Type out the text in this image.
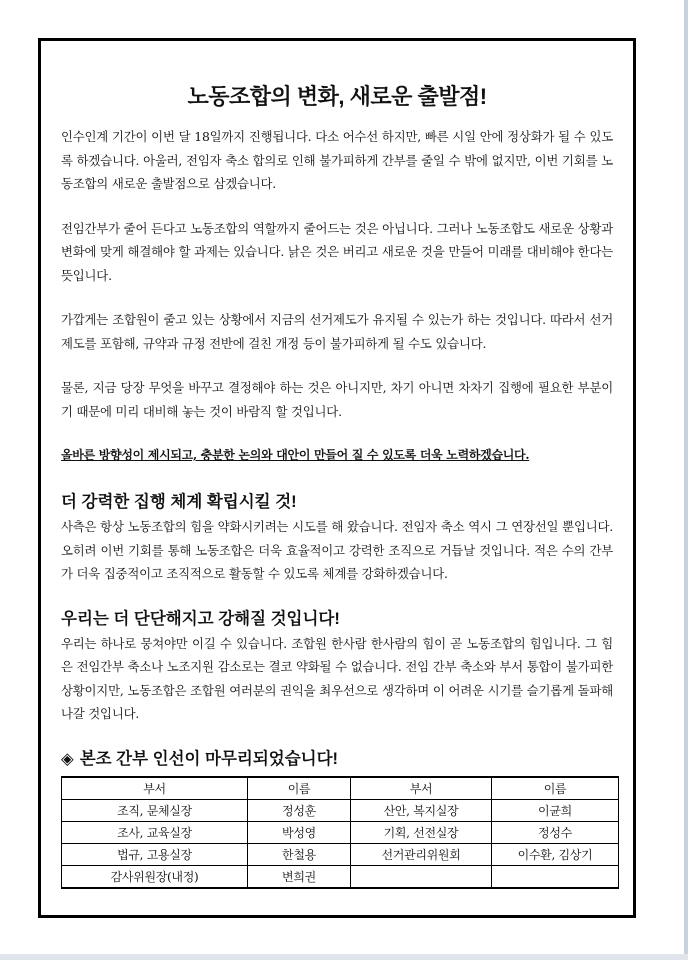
노동조합의 변화, 새로운 출발점!

인수인계 기간이 이번 달 18일까지 진행됩니다. 다소 어수선 하지만, 빠른 시일 안에 정상화가 될 수 있도록 하겠습니다. 아울러, 전임자 축소 합의로 인해 불가피하게 간부를 줄일 수 밖에 없지만, 이번 기회를 노동조합의 새로운 출발점으로 삼겠습니다.

전임간부가 줄어 든다고 노동조합의 역할까지 줄어드는 것은 아닙니다. 그러나 노동조합도 새로운 상황과 변화에 맞게 해결해야 할 과제는 있습니다. 낡은 것은 버리고 새로운 것을 만들어 미래를 대비해야 한다는 뜻입니다.

가깝게는 조합원이 줄고 있는 상황에서 지금의 선거제도가 유지될 수 있는가 하는 것입니다. 따라서 선거제도를 포함해, 규약과 규정 전반에 걸친 개정 등이 불가피하게 될 수도 있습니다.

물론, 지금 당장 무엇을 바꾸고 결정해야 하는 것은 아니지만, 차기 아니면 차차기 집행에 필요한 부분이기 때문에 미리 대비해 놓는 것이 바람직 할 것입니다.

올바른 방향성이 제시되고, 충분한 논의와 대안이 만들어 질 수 있도록 더욱 노력하겠습니다.

더 강력한 집행 체계 확립시킬 것!

사측은 항상 노동조합의 힘을 약화시키려는 시도를 해 왔습니다. 전임자 축소 역시 그 연장선일 뿐입니다. 오히려 이번 기회를 통해 노동조합은 더욱 효율적이고 강력한 조직으로 거듭날 것입니다. 적은 수의 간부가 더욱 집중적이고 조직적으로 활동할 수 있도록 체계를 강화하겠습니다.

우리는 더 단단해지고 강해질 것입니다!

우리는 하나로 뭉쳐야만 이길 수 있습니다. 조합원 한사람 한사람의 힘이 곧 노동조합의 힘입니다. 그 힘은 전임간부 축소나 노조지원 감소로는 결코 약화될 수 없습니다. 전임 간부 축소와 부서 통합이 불가피한 상황이지만, 노동조합은 조합원 여러분의 권익을 최우선으로 생각하며 이 어려운 시기를 슬기롭게 돌파해 나갈 것입니다.

◈ 본조 간부 인선이 마무리되었습니다!
부서	이름	부서	이름
조직, 문체실장	정성훈	산안, 복지실장	이균희
조사, 교육실장	박성영	기획, 선전실장	정성수
법규, 고용실장	한철용	선거관리위원회	이수환, 김상기
감사위원장(내정)	변희권		
